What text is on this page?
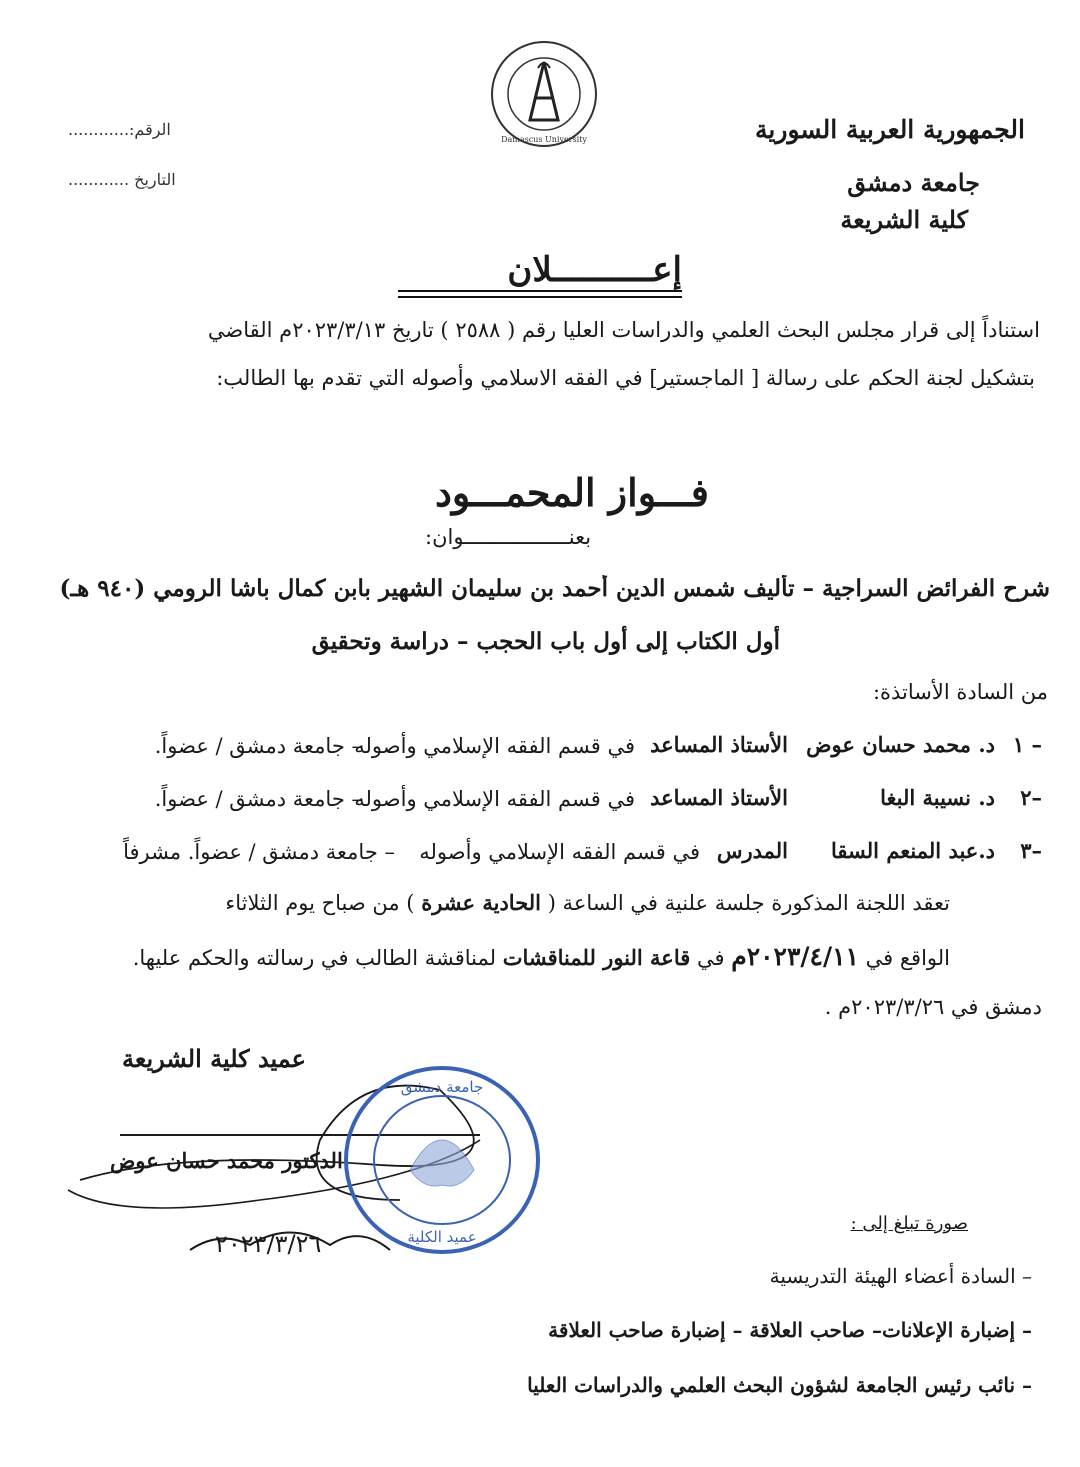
Damascus University	الجمهورية العربية السورية
جامعة دمشق
كلية الشريعة
الرقم:............
التاريخ ............
إعــــــــــلان
استناداً إلى قرار مجلس البحث العلمي والدراسات العليا رقم ( ٢٥٨٨ ) تاريخ ٢٠٢٣/٣/١٣م القاضي
بتشكيل لجنة الحكم على رسالة [ الماجستير] في الفقه الاسلامي وأصوله التي تقدم بها الطالب:
فـــواز المحمـــود
بعنـــــــــــــــــوان:
شرح الفرائض السراجية – تأليف شمس الدين أحمد بن سليمان الشهير بابن كمال باشا الرومي (٩٤٠ هـ)
أول الكتاب إلى أول باب الحجب – دراسة وتحقيق
من السادة الأساتذة:
١ –
د. محمد حسان عوض
الأستاذ المساعد
في قسم الفقه الإسلامي وأصوله
– جامعة دمشق / عضواً.
٢–
د. نسيبة البغا
الأستاذ المساعد
في قسم الفقه الإسلامي وأصوله
– جامعة دمشق / عضواً.
٣–
د.عبد المنعم السقا
المدرس
في قسم الفقه الإسلامي وأصوله
– جامعة دمشق / عضواً. مشرفاً
تعقد اللجنة المذكورة جلسة علنية في الساعة ( الحادية عشرة ) من صباح يوم الثلاثاء
الواقع في ٢٠٢٣/٤/١١م في قاعة النور للمناقشات لمناقشة الطالب في رسالته والحكم عليها.
دمشق في ٢٠٢٣/٣/٢٦م .
عميد كلية الشريعة
الدكتور محمد حسان عوض
٢٠٢٣/٣/٢٦
جامعة دمشق
عميد الكلية
صورة تبلغ إلى :
– السادة أعضاء الهيئة التدريسية
– إضبارة الإعلانات– صاحب العلاقة – إضبارة صاحب العلاقة
– نائب رئيس الجامعة لشؤون البحث العلمي والدراسات العليا
